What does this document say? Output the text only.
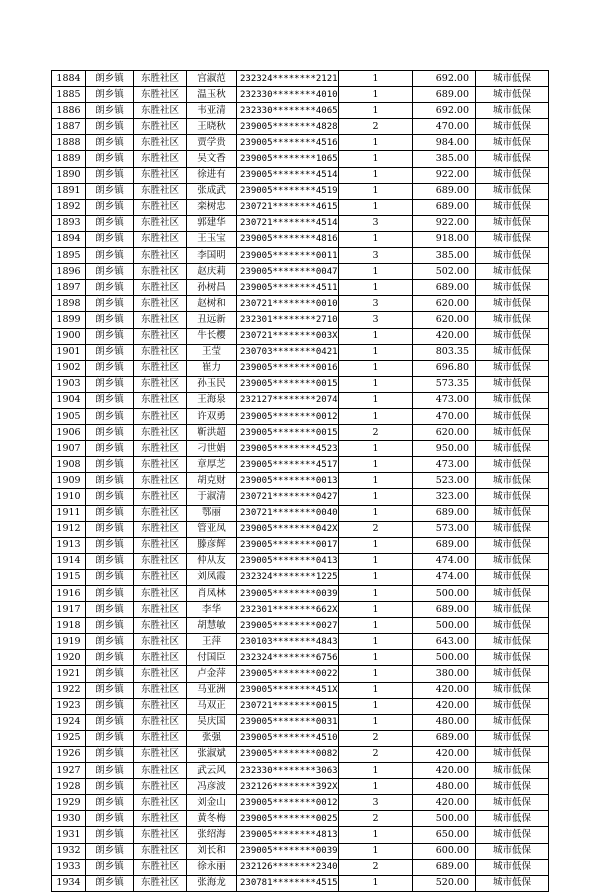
1884	朗乡镇	东胜社区	宫淑范	232324********2121	1	692.00	城市低保
1885	朗乡镇	东胜社区	温玉秋	232330********4010	1	689.00	城市低保
1886	朗乡镇	东胜社区	韦亚清	232330********4065	1	692.00	城市低保
1887	朗乡镇	东胜社区	王晓秋	239005********4828	2	470.00	城市低保
1888	朗乡镇	东胜社区	贾学贵	239005********4516	1	984.00	城市低保
1889	朗乡镇	东胜社区	吴文香	239005********1065	1	385.00	城市低保
1890	朗乡镇	东胜社区	徐进有	239005********4514	1	922.00	城市低保
1891	朗乡镇	东胜社区	张成武	239005********4519	1	689.00	城市低保
1892	朗乡镇	东胜社区	栾树忠	230721********4615	1	689.00	城市低保
1893	朗乡镇	东胜社区	郭建华	230721********4514	3	922.00	城市低保
1894	朗乡镇	东胜社区	王玉宝	239005********4816	1	918.00	城市低保
1895	朗乡镇	东胜社区	李国明	239005********0011	3	385.00	城市低保
1896	朗乡镇	东胜社区	赵庆莉	239005********0047	1	502.00	城市低保
1897	朗乡镇	东胜社区	孙树昌	239005********4511	1	689.00	城市低保
1898	朗乡镇	东胜社区	赵树和	230721********0010	3	620.00	城市低保
1899	朗乡镇	东胜社区	丑远新	232301********2710	3	620.00	城市低保
1900	朗乡镇	东胜社区	牛长樱	230721********003X	1	420.00	城市低保
1901	朗乡镇	东胜社区	王莹	230703********0421	1	803.35	城市低保
1902	朗乡镇	东胜社区	崔力	239005********0016	1	696.80	城市低保
1903	朗乡镇	东胜社区	孙玉民	239005********0015	1	573.35	城市低保
1904	朗乡镇	东胜社区	王海泉	232127********2074	1	473.00	城市低保
1905	朗乡镇	东胜社区	许双勇	239005********0012	1	470.00	城市低保
1906	朗乡镇	东胜社区	靳洪超	239005********0015	2	620.00	城市低保
1907	朗乡镇	东胜社区	刁世娟	239005********4523	1	950.00	城市低保
1908	朗乡镇	东胜社区	章厚芝	239005********4517	1	473.00	城市低保
1909	朗乡镇	东胜社区	胡克财	239005********0013	1	523.00	城市低保
1910	朗乡镇	东胜社区	于淑清	230721********0427	1	323.00	城市低保
1911	朗乡镇	东胜社区	鄂丽	230721********0040	1	689.00	城市低保
1912	朗乡镇	东胜社区	管亚凤	239005********042X	2	573.00	城市低保
1913	朗乡镇	东胜社区	滕彦辉	239005********0017	1	689.00	城市低保
1914	朗乡镇	东胜社区	仲从友	239005********0413	1	474.00	城市低保
1915	朗乡镇	东胜社区	刘凤霞	232324********1225	1	474.00	城市低保
1916	朗乡镇	东胜社区	肖凤林	239005********0039	1	500.00	城市低保
1917	朗乡镇	东胜社区	李华	232301********662X	1	689.00	城市低保
1918	朗乡镇	东胜社区	胡慧敏	239005********0027	1	500.00	城市低保
1919	朗乡镇	东胜社区	王萍	230103********4843	1	643.00	城市低保
1920	朗乡镇	东胜社区	付国臣	232324********6756	1	500.00	城市低保
1921	朗乡镇	东胜社区	卢金萍	239005********0022	1	380.00	城市低保
1922	朗乡镇	东胜社区	马亚洲	239005********451X	1	420.00	城市低保
1923	朗乡镇	东胜社区	马双正	230721********0015	1	420.00	城市低保
1924	朗乡镇	东胜社区	吴庆国	239005********0031	1	480.00	城市低保
1925	朗乡镇	东胜社区	张强	239005********4510	2	689.00	城市低保
1926	朗乡镇	东胜社区	张淑斌	239005********0082	2	420.00	城市低保
1927	朗乡镇	东胜社区	武云风	232330********3063	1	420.00	城市低保
1928	朗乡镇	东胜社区	冯彦波	232126********392X	1	480.00	城市低保
1929	朗乡镇	东胜社区	刘金山	239005********0012	3	420.00	城市低保
1930	朗乡镇	东胜社区	黄冬梅	239005********0025	2	500.00	城市低保
1931	朗乡镇	东胜社区	张绍海	239005********4813	1	650.00	城市低保
1932	朗乡镇	东胜社区	刘长和	239005********0039	1	600.00	城市低保
1933	朗乡镇	东胜社区	徐永丽	232126********2340	2	689.00	城市低保
1934	朗乡镇	东胜社区	张海龙	230781********4515	1	520.00	城市低保
